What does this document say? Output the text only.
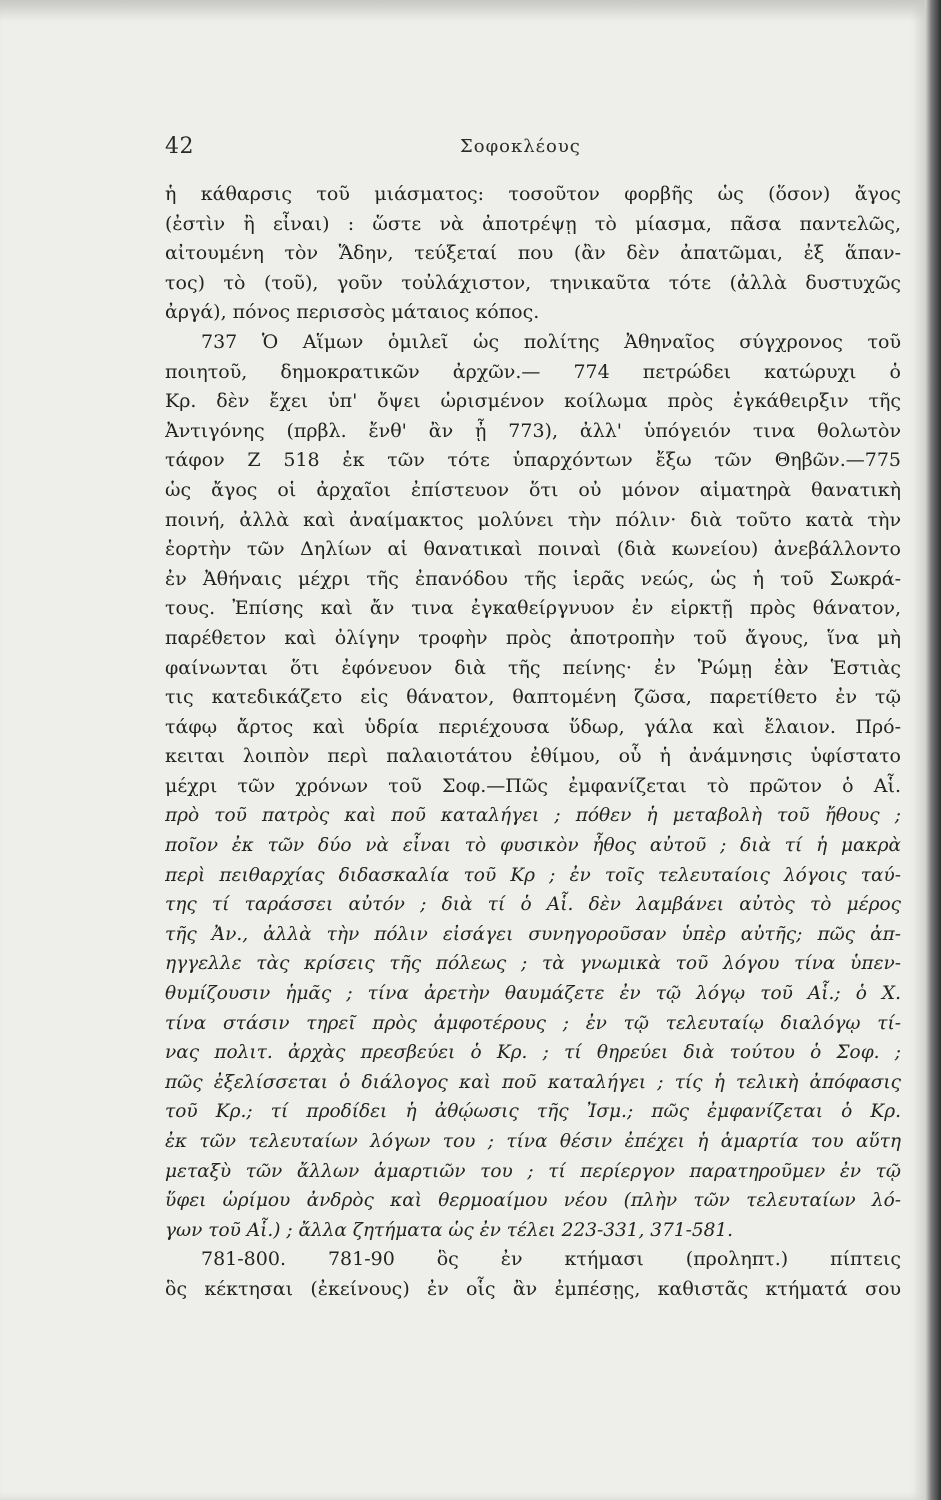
42	Σοφοκλέους
ἡ κάθαρσις τοῦ μιάσματος: τοσοῦτον φορβῆς ὡς (ὅσον) ἄγος
(ἐστὶν ἢ εἶναι) : ὥστε νὰ ἀποτρέψῃ τὸ μίασμα, πᾶσα παντελῶς,
αἰτουμένη τὸν Ἅδην, τεύξεταί που (ἂν δὲν ἀπατῶμαι, ἐξ ἅπαν-
τος) τὸ (τοῦ), γοῦν τοὐλάχιστον, τηνικαῦτα τότε (ἀλλὰ δυστυχῶς
ἀργά), πόνος περισσὸς μάταιος κόπος.
737 Ὁ Αἵμων ὁμιλεῖ ὡς πολίτης Ἀθηναῖος σύγχρονος τοῦ
ποιητοῦ, δημοκρατικῶν ἀρχῶν.— 774 πετρώδει κατώρυχι ὁ
Κρ. δὲν ἔχει ὑπ' ὄψει ὡρισμένον κοίλωμα πρὸς ἐγκάθειρξιν τῆς
Ἀντιγόνης (πρβλ. ἔνθ' ἂν ᾖ 773), ἀλλ' ὑπόγειόν τινα θολωτὸν
τάφον Ζ 518 ἐκ τῶν τότε ὑπαρχόντων ἔξω τῶν Θηβῶν.—775
ὡς ἄγος οἱ ἀρχαῖοι ἐπίστευον ὅτι οὐ μόνον αἱματηρὰ θανατικὴ
ποινή, ἀλλὰ καὶ ἀναίμακτος μολύνει τὴν πόλιν· διὰ τοῦτο κατὰ τὴν
ἑορτὴν τῶν Δηλίων αἱ θανατικαὶ ποιναὶ (διὰ κωνείου) ἀνεβάλλοντο
ἐν Ἀθήναις μέχρι τῆς ἐπανόδου τῆς ἱερᾶς νεώς, ὡς ἡ τοῦ Σωκρά-
τους. Ἐπίσης καὶ ἄν τινα ἐγκαθείργνυον ἐν εἱρκτῇ πρὸς θάνατον,
παρέθετον καὶ ὀλίγην τροφὴν πρὸς ἀποτροπὴν τοῦ ἄγους, ἵνα μὴ
φαίνωνται ὅτι ἐφόνευον διὰ τῆς πείνης· ἐν Ῥώμῃ ἐὰν Ἑστιὰς
τις κατεδικάζετο εἰς θάνατον, θαπτομένη ζῶσα, παρετίθετο ἐν τῷ
τάφῳ ἄρτος καὶ ὑδρία περιέχουσα ὕδωρ, γάλα καὶ ἔλαιον. Πρό-
κειται λοιπὸν περὶ παλαιοτάτου ἐθίμου, οὗ ἡ ἀνάμνησις ὑφίστατο
μέχρι τῶν χρόνων τοῦ Σοφ.—Πῶς ἐμφανίζεται τὸ πρῶτον ὁ Αἷ.
πρὸ τοῦ πατρὸς καὶ ποῦ καταλήγει ; πόθεν ἡ μεταβολὴ τοῦ ἤθους ;
ποῖον ἐκ τῶν δύο νὰ εἶναι τὸ φυσικὸν ἦθος αὐτοῦ ; διὰ τί ἡ μακρὰ
περὶ πειθαρχίας διδασκαλία τοῦ Κρ ; ἐν τοῖς τελευταίοις λόγοις ταύ-
της τί ταράσσει αὐτόν ; διὰ τί ὁ Αἷ. δὲν λαμβάνει αὐτὸς τὸ μέρος
τῆς Ἀν., ἀλλὰ τὴν πόλιν εἰσάγει συνηγοροῦσαν ὑπὲρ αὐτῆς; πῶς ἀπ-
ηγγελλε τὰς κρίσεις τῆς πόλεως ; τὰ γνωμικὰ τοῦ λόγου τίνα ὑπεν-
θυμίζουσιν ἡμᾶς ; τίνα ἀρετὴν θαυμάζετε ἐν τῷ λόγῳ τοῦ Αἷ.; ὁ Χ.
τίνα στάσιν τηρεῖ πρὸς ἀμφοτέρους ; ἐν τῷ τελευταίῳ διαλόγῳ τί-
νας πολιτ. ἀρχὰς πρεσβεύει ὁ Κρ. ; τί θηρεύει διὰ τούτου ὁ Σοφ. ;
πῶς ἐξελίσσεται ὁ διάλογος καὶ ποῦ καταλήγει ; τίς ἡ τελικὴ ἀπόφασις
τοῦ Κρ.; τί προδίδει ἡ ἀθῴωσις τῆς Ἰσμ.; πῶς ἐμφανίζεται ὁ Κρ.
ἐκ τῶν τελευταίων λόγων του ; τίνα θέσιν ἐπέχει ἡ ἁμαρτία του αὕτη
μεταξὺ τῶν ἄλλων ἁμαρτιῶν του ; τί περίεργον παρατηροῦμεν ἐν τῷ
ὕφει ὡρίμου ἀνδρὸς καὶ θερμοαίμου νέου (πλὴν τῶν τελευταίων λό-
γων τοῦ Αἷ.) ; ἄλλα ζητήματα ὡς ἐν τέλει 223-331, 371-581.
781-800. 781-90 ὃς ἐν κτήμασι (προληπτ.) πίπτεις
ὃς κέκτησαι (ἐκείνους) ἐν οἷς ἂν ἐμπέσῃς, καθιστᾶς κτήματά σου
